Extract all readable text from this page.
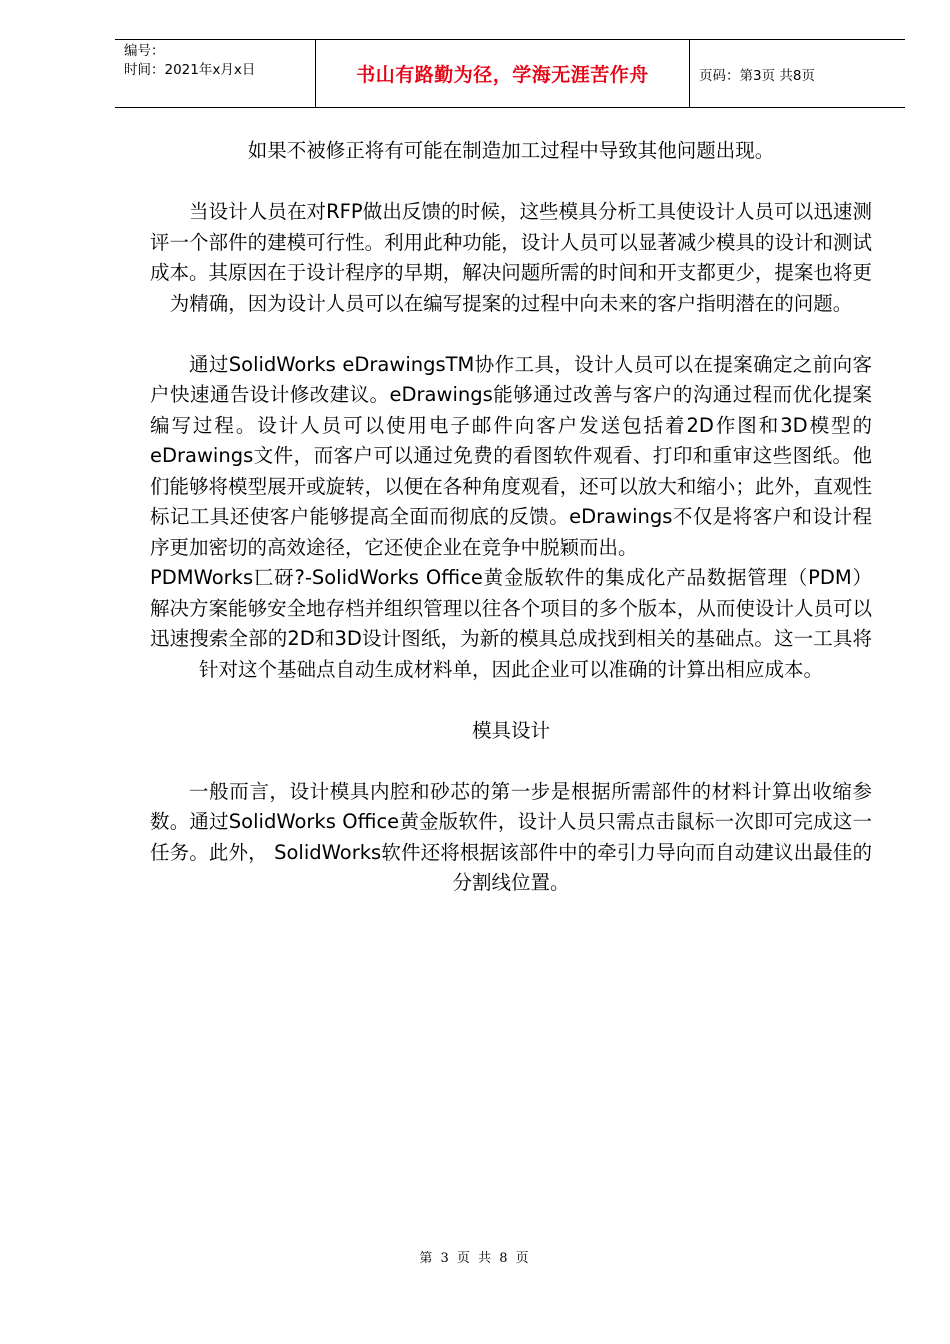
编号：
时间：2021年x月x日	书山有路勤为径，学海无涯苦作舟	页码：第3页 共8页

如果不被修正将有可能在制造加工过程中导致其他问题出现。

当设计人员在对RFP做出反馈的时候，这些模具分析工具使设计人员可以迅速测评一个部件的建模可行性。利用此种功能，设计人员可以显著减少模具的设计和测试成本。其原因在于设计程序的早期，解决问题所需的时间和开支都更少，提案也将更为精确，因为设计人员可以在编写提案的过程中向未来的客户指明潜在的问题。

通过SolidWorks eDrawingsTM协作工具，设计人员可以在提案确定之前向客户快速通告设计修改建议。eDrawings能够通过改善与客户的沟通过程而优化提案编写过程。设计人员可以使用电子邮件向客户发送包括着2D作图和3D模型的eDrawings文件，而客户可以通过免费的看图软件观看、打印和重审这些图纸。他们能够将模型展开或旋转，以便在各种角度观看，还可以放大和缩小；此外，直观性标记工具还使客户能够提高全面而彻底的反馈。eDrawings不仅是将客户和设计程序更加密切的高效途径，它还使企业在竞争中脱颖而出。

PDMWorks匸砑?-SolidWorks Office黄金版软件的集成化产品数据管理（PDM）解决方案能够安全地存档并组织管理以往各个项目的多个版本，从而使设计人员可以迅速搜索全部的2D和3D设计图纸，为新的模具总成找到相关的基础点。这一工具将针对这个基础点自动生成材料单，因此企业可以准确的计算出相应成本。

模具设计

一般而言，设计模具内腔和砂芯的第一步是根据所需部件的材料计算出收缩参数。通过SolidWorks Office黄金版软件，设计人员只需点击鼠标一次即可完成这一任务。此外， SolidWorks软件还将根据该部件中的牵引力导向而自动建议出最佳的分割线位置。

第 3 页 共 8 页
